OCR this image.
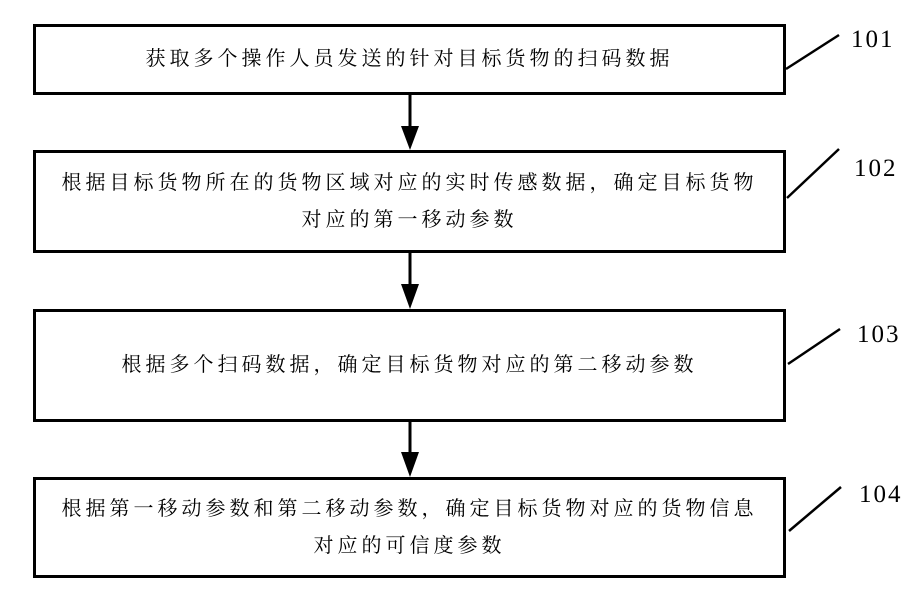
获取多个操作人员发送的针对目标货物的扫码数据
根据目标货物所在的货物区域对应的实时传感数据，确定目标货物
对应的第一移动参数
根据多个扫码数据，确定目标货物对应的第二移动参数
根据第一移动参数和第二移动参数，确定目标货物对应的货物信息
对应的可信度参数
101
102
103
104
